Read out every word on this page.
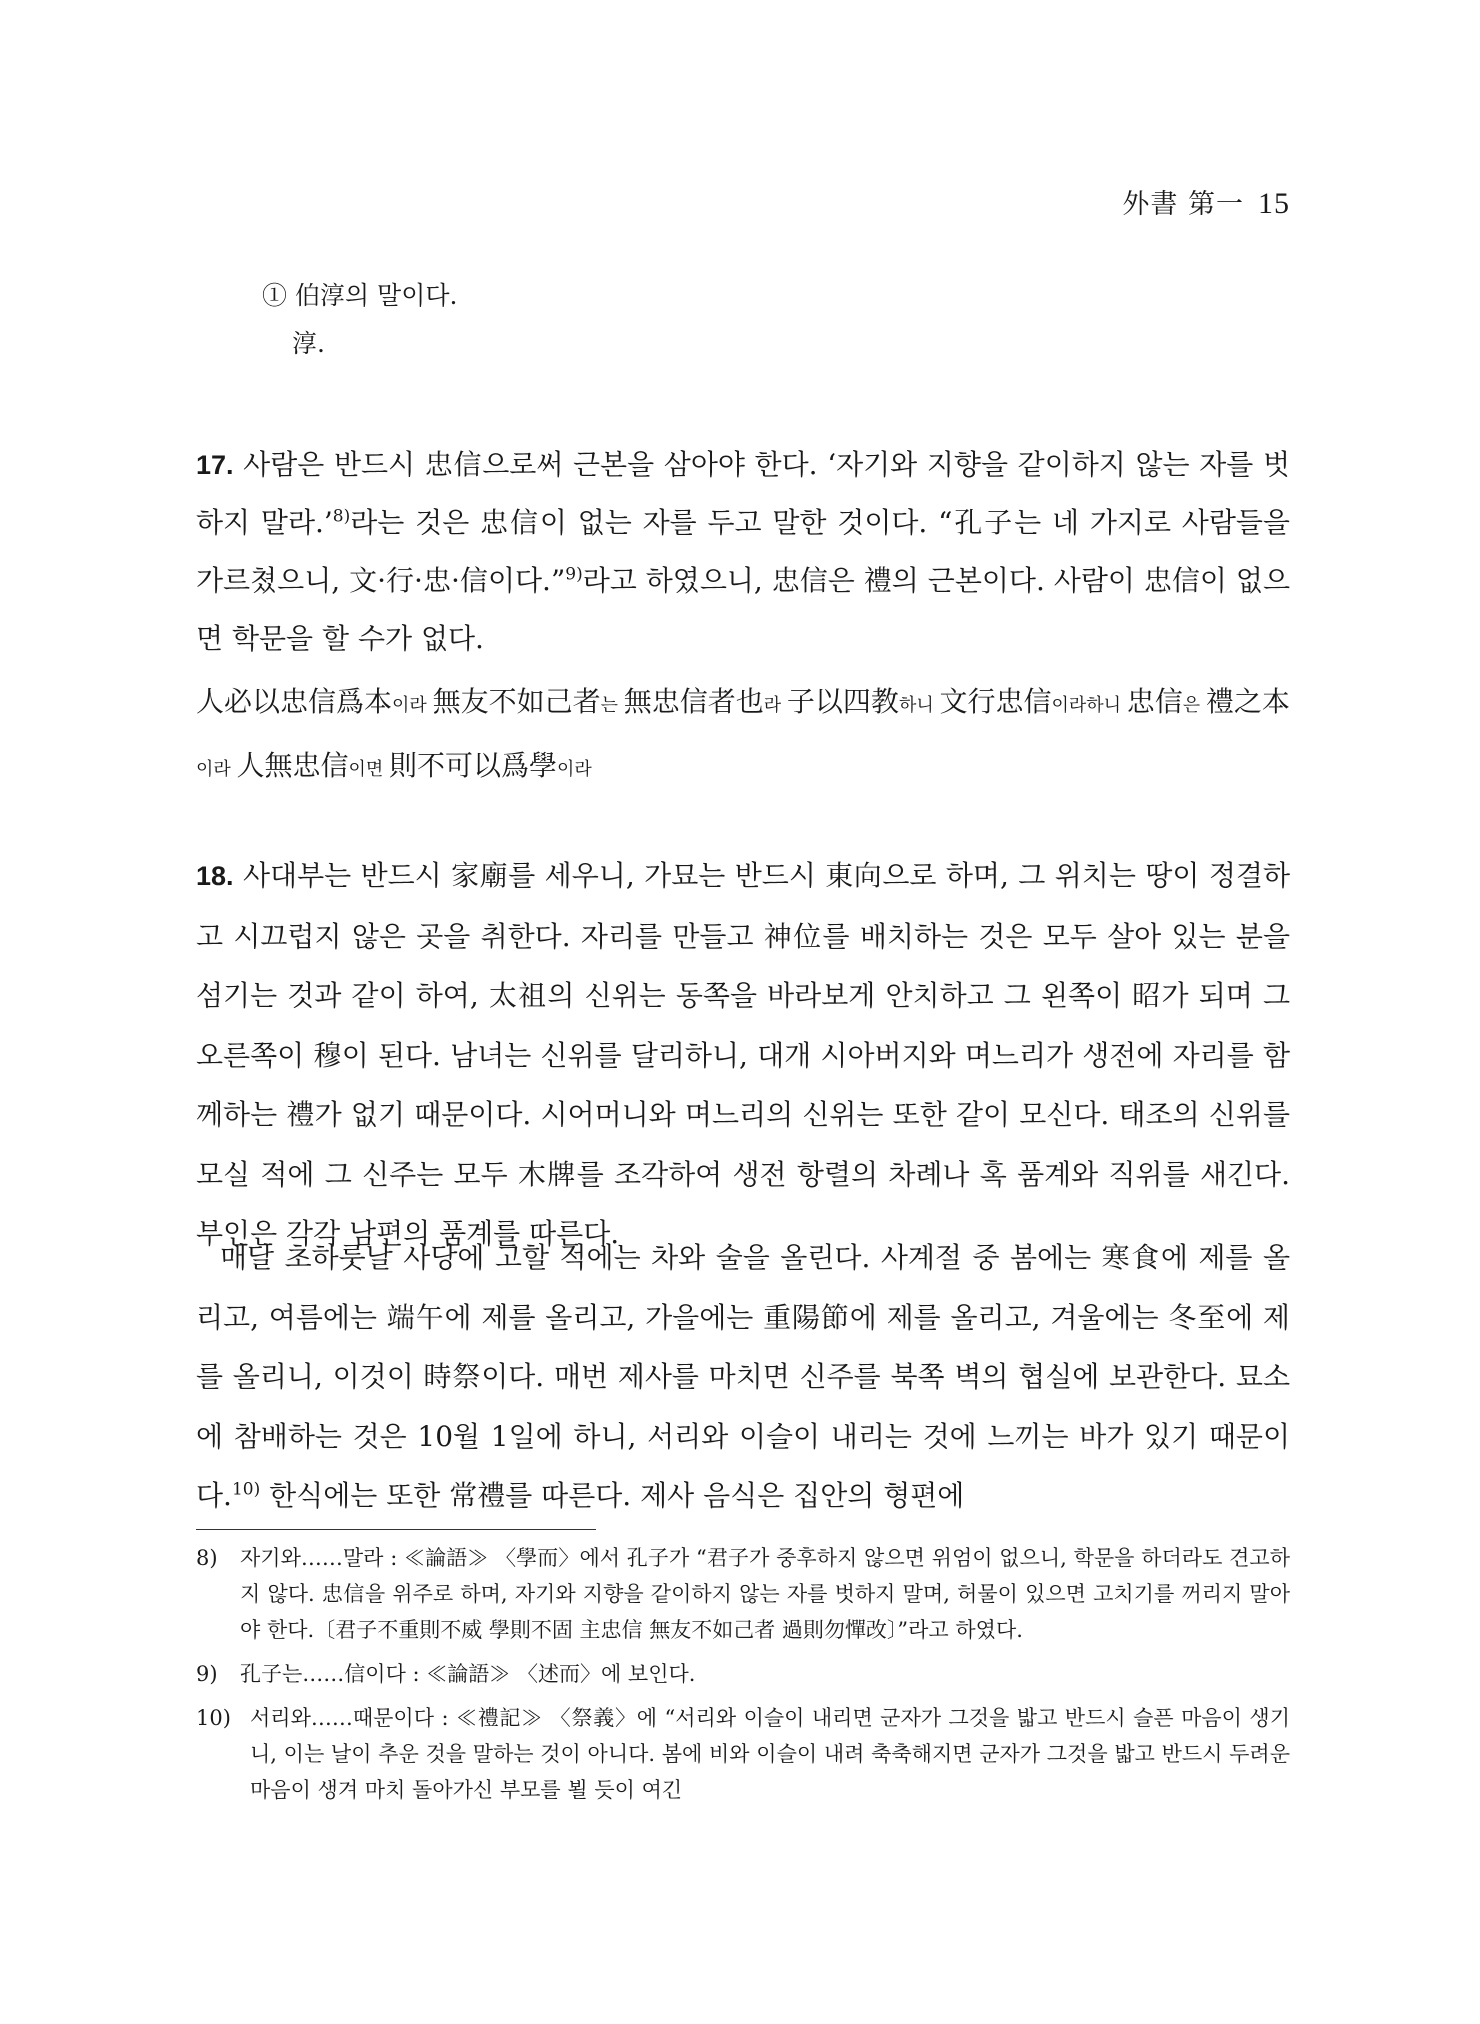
外書 第一 15
① 伯淳의 말이다.
淳.
17. 사람은 반드시 忠信으로써 근본을 삼아야 한다. ‘자기와 지향을 같이하지 않는 자를 벗하지 말라.’$^{8)}$라는 것은 忠信이 없는 자를 두고 말한 것이다. “孔子는 네 가지로 사람들을 가르쳤으니, 文·行·忠·信이다.”$^{9)}$라고 하였으니, 忠信은 禮의 근본이다. 사람이 忠信이 없으면 학문을 할 수가 없다.
人必以忠信爲本이라 無友不如己者는 無忠信者也라 子以四教하니 文行忠信이라하니 忠信은 禮之本이라 人無忠信이면 則不可以爲學이라
18. 사대부는 반드시 家廟를 세우니, 가묘는 반드시 東向으로 하며, 그 위치는 땅이 정결하고 시끄럽지 않은 곳을 취한다. 자리를 만들고 神位를 배치하는 것은 모두 살아 있는 분을 섬기는 것과 같이 하여, 太祖의 신위는 동쪽을 바라보게 안치하고 그 왼쪽이 昭가 되며 그 오른쪽이 穆이 된다. 남녀는 신위를 달리하니, 대개 시아버지와 며느리가 생전에 자리를 함께하는 禮가 없기 때문이다. 시어머니와 며느리의 신위는 또한 같이 모신다. 태조의 신위를 모실 적에 그 신주는 모두 木牌를 조각하여 생전 항렬의 차례나 혹 품계와 직위를 새긴다. 부인은 각각 남편의 품계를 따른다.
매달 초하룻날 사당에 고할 적에는 차와 술을 올린다. 사계절 중 봄에는 寒食에 제를 올리고, 여름에는 端午에 제를 올리고, 가을에는 重陽節에 제를 올리고, 겨울에는 冬至에 제를 올리니, 이것이 時祭이다. 매번 제사를 마치면 신주를 북쪽 벽의 협실에 보관한다. 묘소에 참배하는 것은 10월 1일에 하니, 서리와 이슬이 내리는 것에 느끼는 바가 있기 때문이다.$^{10)}$ 한식에는 또한 常禮를 따른다. 제사 음식은 집안의 형편에
8) 자기와……말라 : ≪論語≫ 〈學而〉에서 孔子가 “君子가 중후하지 않으면 위엄이 없으니, 학문을 하더라도 견고하지 않다. 忠信을 위주로 하며, 자기와 지향을 같이하지 않는 자를 벗하지 말며, 허물이 있으면 고치기를 꺼리지 말아야 한다.〔君子不重則不威 學則不固 主忠信 無友不如己者 過則勿憚改〕”라고 하였다.
9) 孔子는……信이다 : ≪論語≫ 〈述而〉에 보인다.
10) 서리와……때문이다 : ≪禮記≫ 〈祭義〉에 “서리와 이슬이 내리면 군자가 그것을 밟고 반드시 슬픈 마음이 생기니, 이는 날이 추운 것을 말하는 것이 아니다. 봄에 비와 이슬이 내려 축축해지면 군자가 그것을 밟고 반드시 두려운 마음이 생겨 마치 돌아가신 부모를 뵐 듯이 여긴
